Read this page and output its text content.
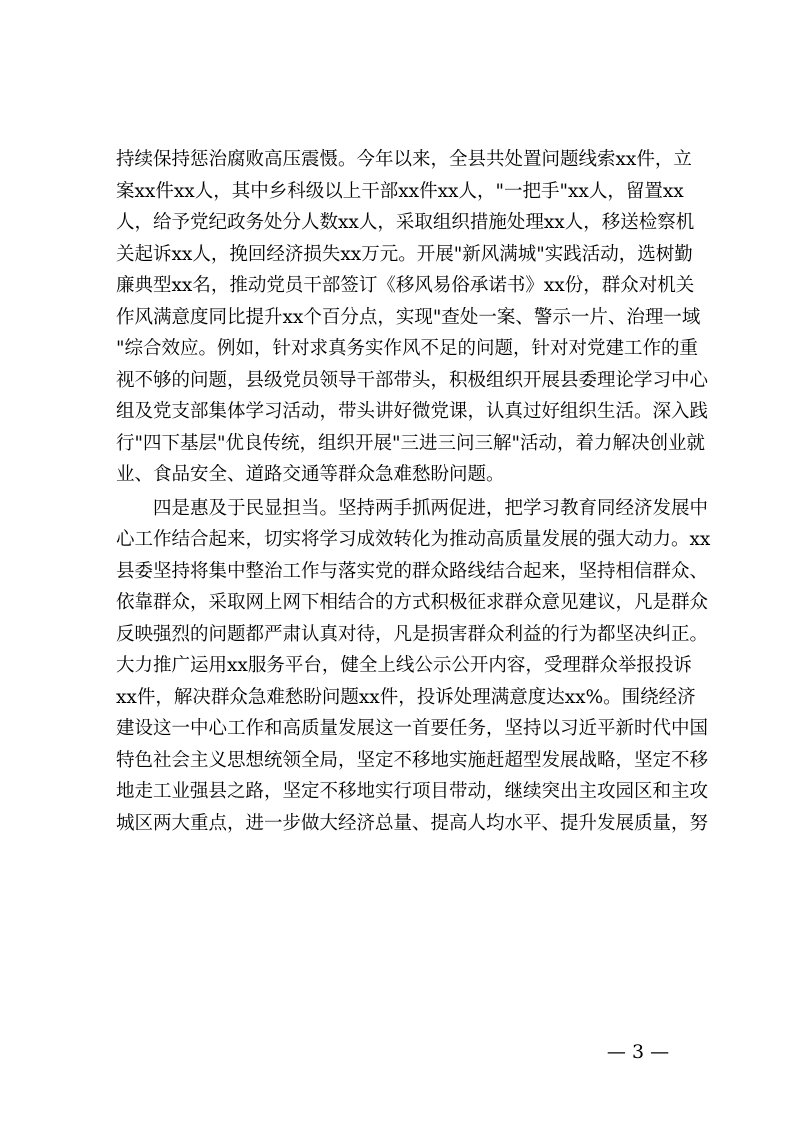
持续保持惩治腐败高压震慑。今年以来，全县共处置问题线索xx件，立
案xx件xx人，其中乡科级以上干部xx件xx人，"一把手"xx人，留置xx
人，给予党纪政务处分人数xx人，采取组织措施处理xx人，移送检察机
关起诉xx人，挽回经济损失xx万元。开展"新风满城"实践活动，选树勤
廉典型xx名，推动党员干部签订《移风易俗承诺书》xx份，群众对机关
作风满意度同比提升xx个百分点，实现"查处一案、警示一片、治理一域
"综合效应。例如，针对求真务实作风不足的问题，针对对党建工作的重
视不够的问题，县级党员领导干部带头，积极组织开展县委理论学习中心
组及党支部集体学习活动，带头讲好微党课，认真过好组织生活。深入践
行"四下基层"优良传统，组织开展"三进三问三解"活动，着力解决创业就
业、食品安全、道路交通等群众急难愁盼问题。
四是惠及于民显担当。坚持两手抓两促进，把学习教育同经济发展中
心工作结合起来，切实将学习成效转化为推动高质量发展的强大动力。xx
县委坚持将集中整治工作与落实党的群众路线结合起来，坚持相信群众、
依靠群众，采取网上网下相结合的方式积极征求群众意见建议，凡是群众
反映强烈的问题都严肃认真对待，凡是损害群众利益的行为都坚决纠正。
大力推广运用xx服务平台，健全上线公示公开内容，受理群众举报投诉
xx件，解决群众急难愁盼问题xx件，投诉处理满意度达xx%。围绕经济
建设这一中心工作和高质量发展这一首要任务，坚持以习近平新时代中国
特色社会主义思想统领全局，坚定不移地实施赶超型发展战略，坚定不移
地走工业强县之路，坚定不移地实行项目带动，继续突出主攻园区和主攻
城区两大重点，进一步做大经济总量、提高人均水平、提升发展质量，努
— 3 —
